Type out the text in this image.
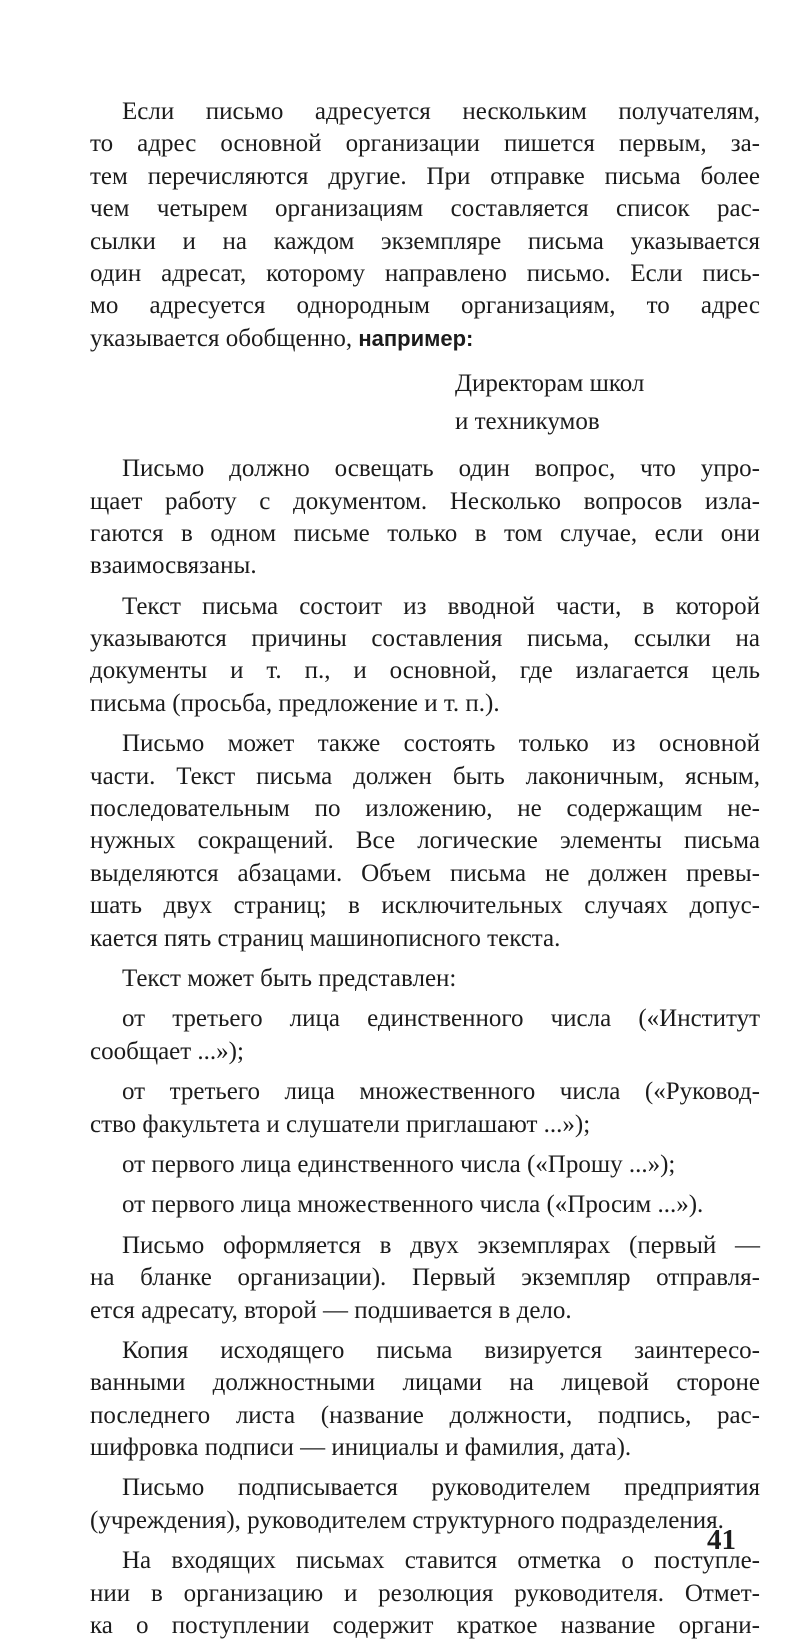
Если письмо адресуется нескольким получателям,
то адрес основной организации пишется первым, за-
тем перечисляются другие. При отправке письма более
чем четырем организациям составляется список рас-
сылки и на каждом экземпляре письма указывается
один адресат, которому направлено письмо. Если пись-
мо адресуется однородным организациям, то адрес
указывается обобщенно, например:
Директорам школ
и техникумов
Письмо должно освещать один вопрос, что упро-
щает работу с документом. Несколько вопросов изла-
гаются в одном письме только в том случае, если они
взаимосвязаны.
Текст письма состоит из вводной части, в которой
указываются причины составления письма, ссылки на
документы и т. п., и основной, где излагается цель
письма (просьба, предложение и т. п.).
Письмо может также состоять только из основной
части. Текст письма должен быть лаконичным, ясным,
последовательным по изложению, не содержащим не-
нужных сокращений. Все логические элементы письма
выделяются абзацами. Объем письма не должен превы-
шать двух страниц; в исключительных случаях допус-
кается пять страниц машинописного текста.
Текст может быть представлен:
от третьего лица единственного числа («Институт
сообщает ...»);
от третьего лица множественного числа («Руковод-
ство факультета и слушатели приглашают ...»);
от первого лица единственного числа («Прошу ...»);
от первого лица множественного числа («Просим ...»).
Письмо оформляется в двух экземплярах (первый —
на бланке организации). Первый экземпляр отправля-
ется адресату, второй — подшивается в дело.
Копия исходящего письма визируется заинтересо-
ванными должностными лицами на лицевой стороне
последнего листа (название должности, подпись, рас-
шифровка подписи — инициалы и фамилия, дата).
Письмо подписывается руководителем предприятия
(учреждения), руководителем структурного подразделения.
На входящих письмах ставится отметка о поступле-
нии в организацию и резолюция руководителя. Отмет-
ка о поступлении содержит краткое название органи-
41
